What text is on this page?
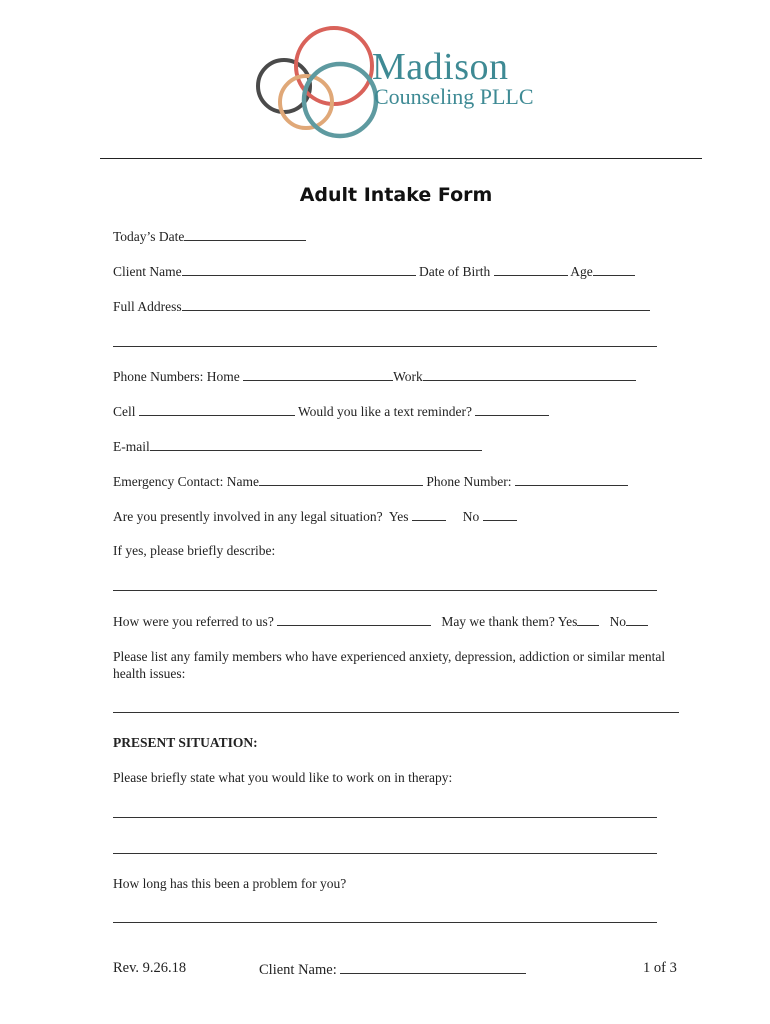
Madison
Counseling PLLC
Adult Intake Form
Today’s Date
Client Name	Date of Birth	Age
Full Address
Phone Numbers: Home	Work
Cell	Would you like a text reminder?
E-mail
Emergency Contact: Name	Phone Number:
Are you presently involved in any legal situation? Yes	No
If yes, please briefly describe:
How were you referred to us?	May we thank them? Yes No
Please list any family members who have experienced anxiety, depression, addiction or similar mental health issues:
PRESENT SITUATION:
Please briefly state what you would like to work on in therapy:
How long has this been a problem for you?
Rev. 9.26.18	Client Name:	1 of 3
